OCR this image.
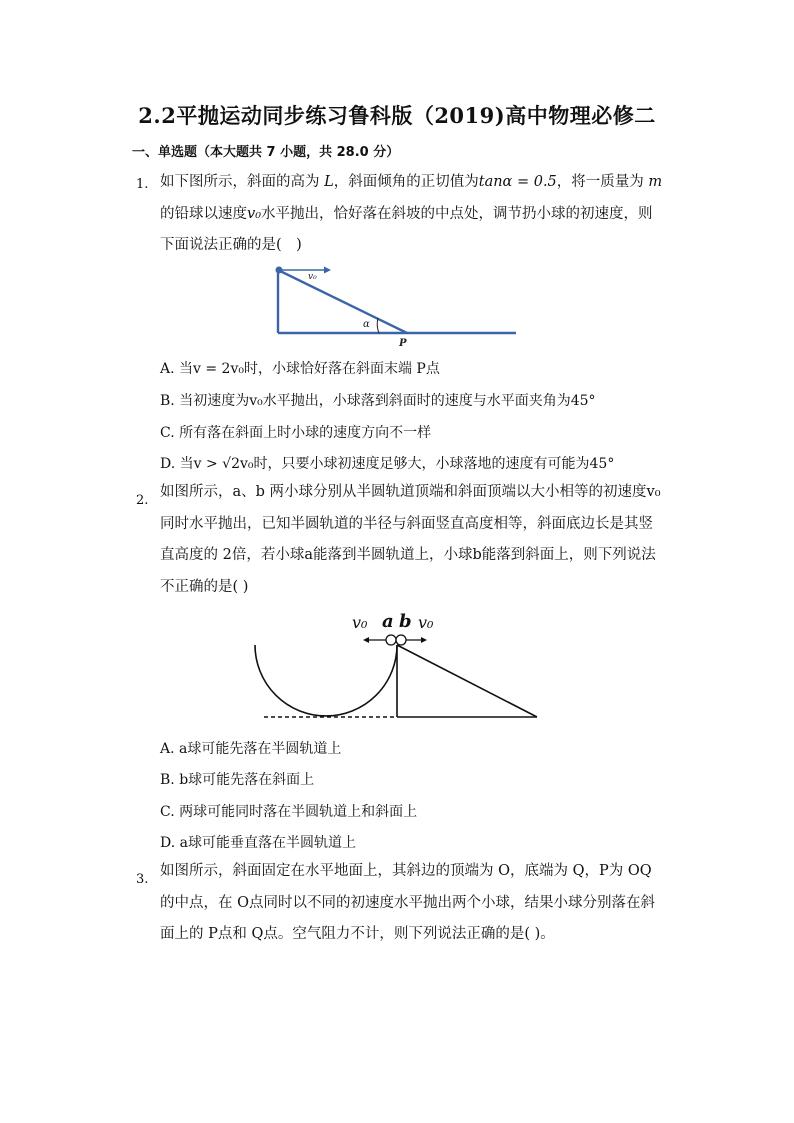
2.2平抛运动同步练习鲁科版（2019)高中物理必修二
一、单选题（本大题共 7 小题，共 28.0 分）
1. 如下图所示，斜面的高为 L，斜面倾角的正切值为tanα = 0.5，将一质量为 m 的铅球以速度v₀水平抛出，恰好落在斜坡的中点处，调节扔小球的初速度，则下面说法正确的是(　)
v₀
α
P
A. 当v = 2v₀时，小球恰好落在斜面末端 P点
B. 当初速度为v₀水平抛出，小球落到斜面时的速度与水平面夹角为45°
C. 所有落在斜面上时小球的速度方向不一样
D. 当v > √2v₀时，只要小球初速度足够大，小球落地的速度有可能为45°
2.
如图所示，a、b 两小球分别从半圆轨道顶端和斜面顶端以大小相等的初速度v₀同时水平抛出，已知半圆轨道的半径与斜面竖直高度相等，斜面底边长是其竖直高度的 2倍，若小球a能落到半圆轨道上，小球b能落到斜面上，则下列说法不正确的是( )
v₀ a b v₀
A. a球可能先落在半圆轨道上
B. b球可能先落在斜面上
C. 两球可能同时落在半圆轨道上和斜面上
D. a球可能垂直落在半圆轨道上
3.
如图所示，斜面固定在水平地面上，其斜边的顶端为 O，底端为 Q，P为 OQ 的中点，在 O点同时以不同的初速度水平抛出两个小球，结果小球分别落在斜面上的 P点和 Q点。空气阻力不计，则下列说法正确的是( )。
